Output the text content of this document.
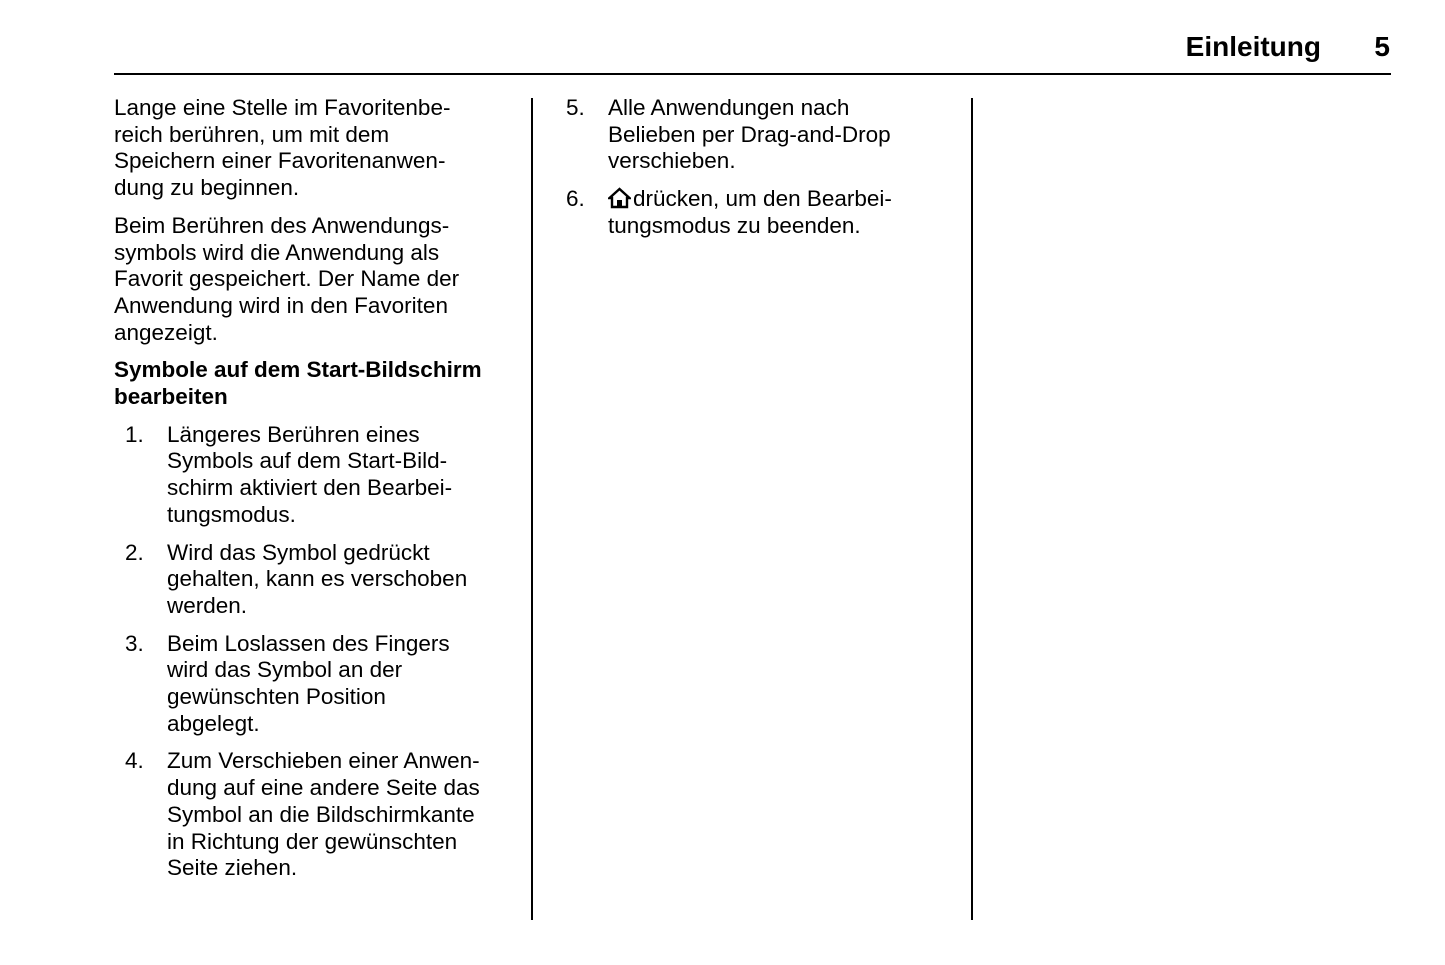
Einleitung 5

Lange eine Stelle im Favoritenbe-
reich berühren, um mit dem
Speichern einer Favoritenanwen-
dung zu beginnen.

Beim Berühren des Anwendungs-
symbols wird die Anwendung als
Favorit gespeichert. Der Name der
Anwendung wird in den Favoriten
angezeigt.

Symbole auf dem Start-Bildschirm
bearbeiten
1. Längeres Berühren eines
Symbols auf dem Start-Bild-
schirm aktiviert den Bearbei-
tungsmodus.
2. Wird das Symbol gedrückt
gehalten, kann es verschoben
werden.
3. Beim Loslassen des Fingers
wird das Symbol an der
gewünschten Position
abgelegt.
4. Zum Verschieben einer Anwen-
dung auf eine andere Seite das
Symbol an die Bildschirmkante
in Richtung der gewünschten
Seite ziehen.
5. Alle Anwendungen nach
Belieben per Drag-and-Drop
verschieben.
6.	drücken, um den Bearbei-
tungsmodus zu beenden.
